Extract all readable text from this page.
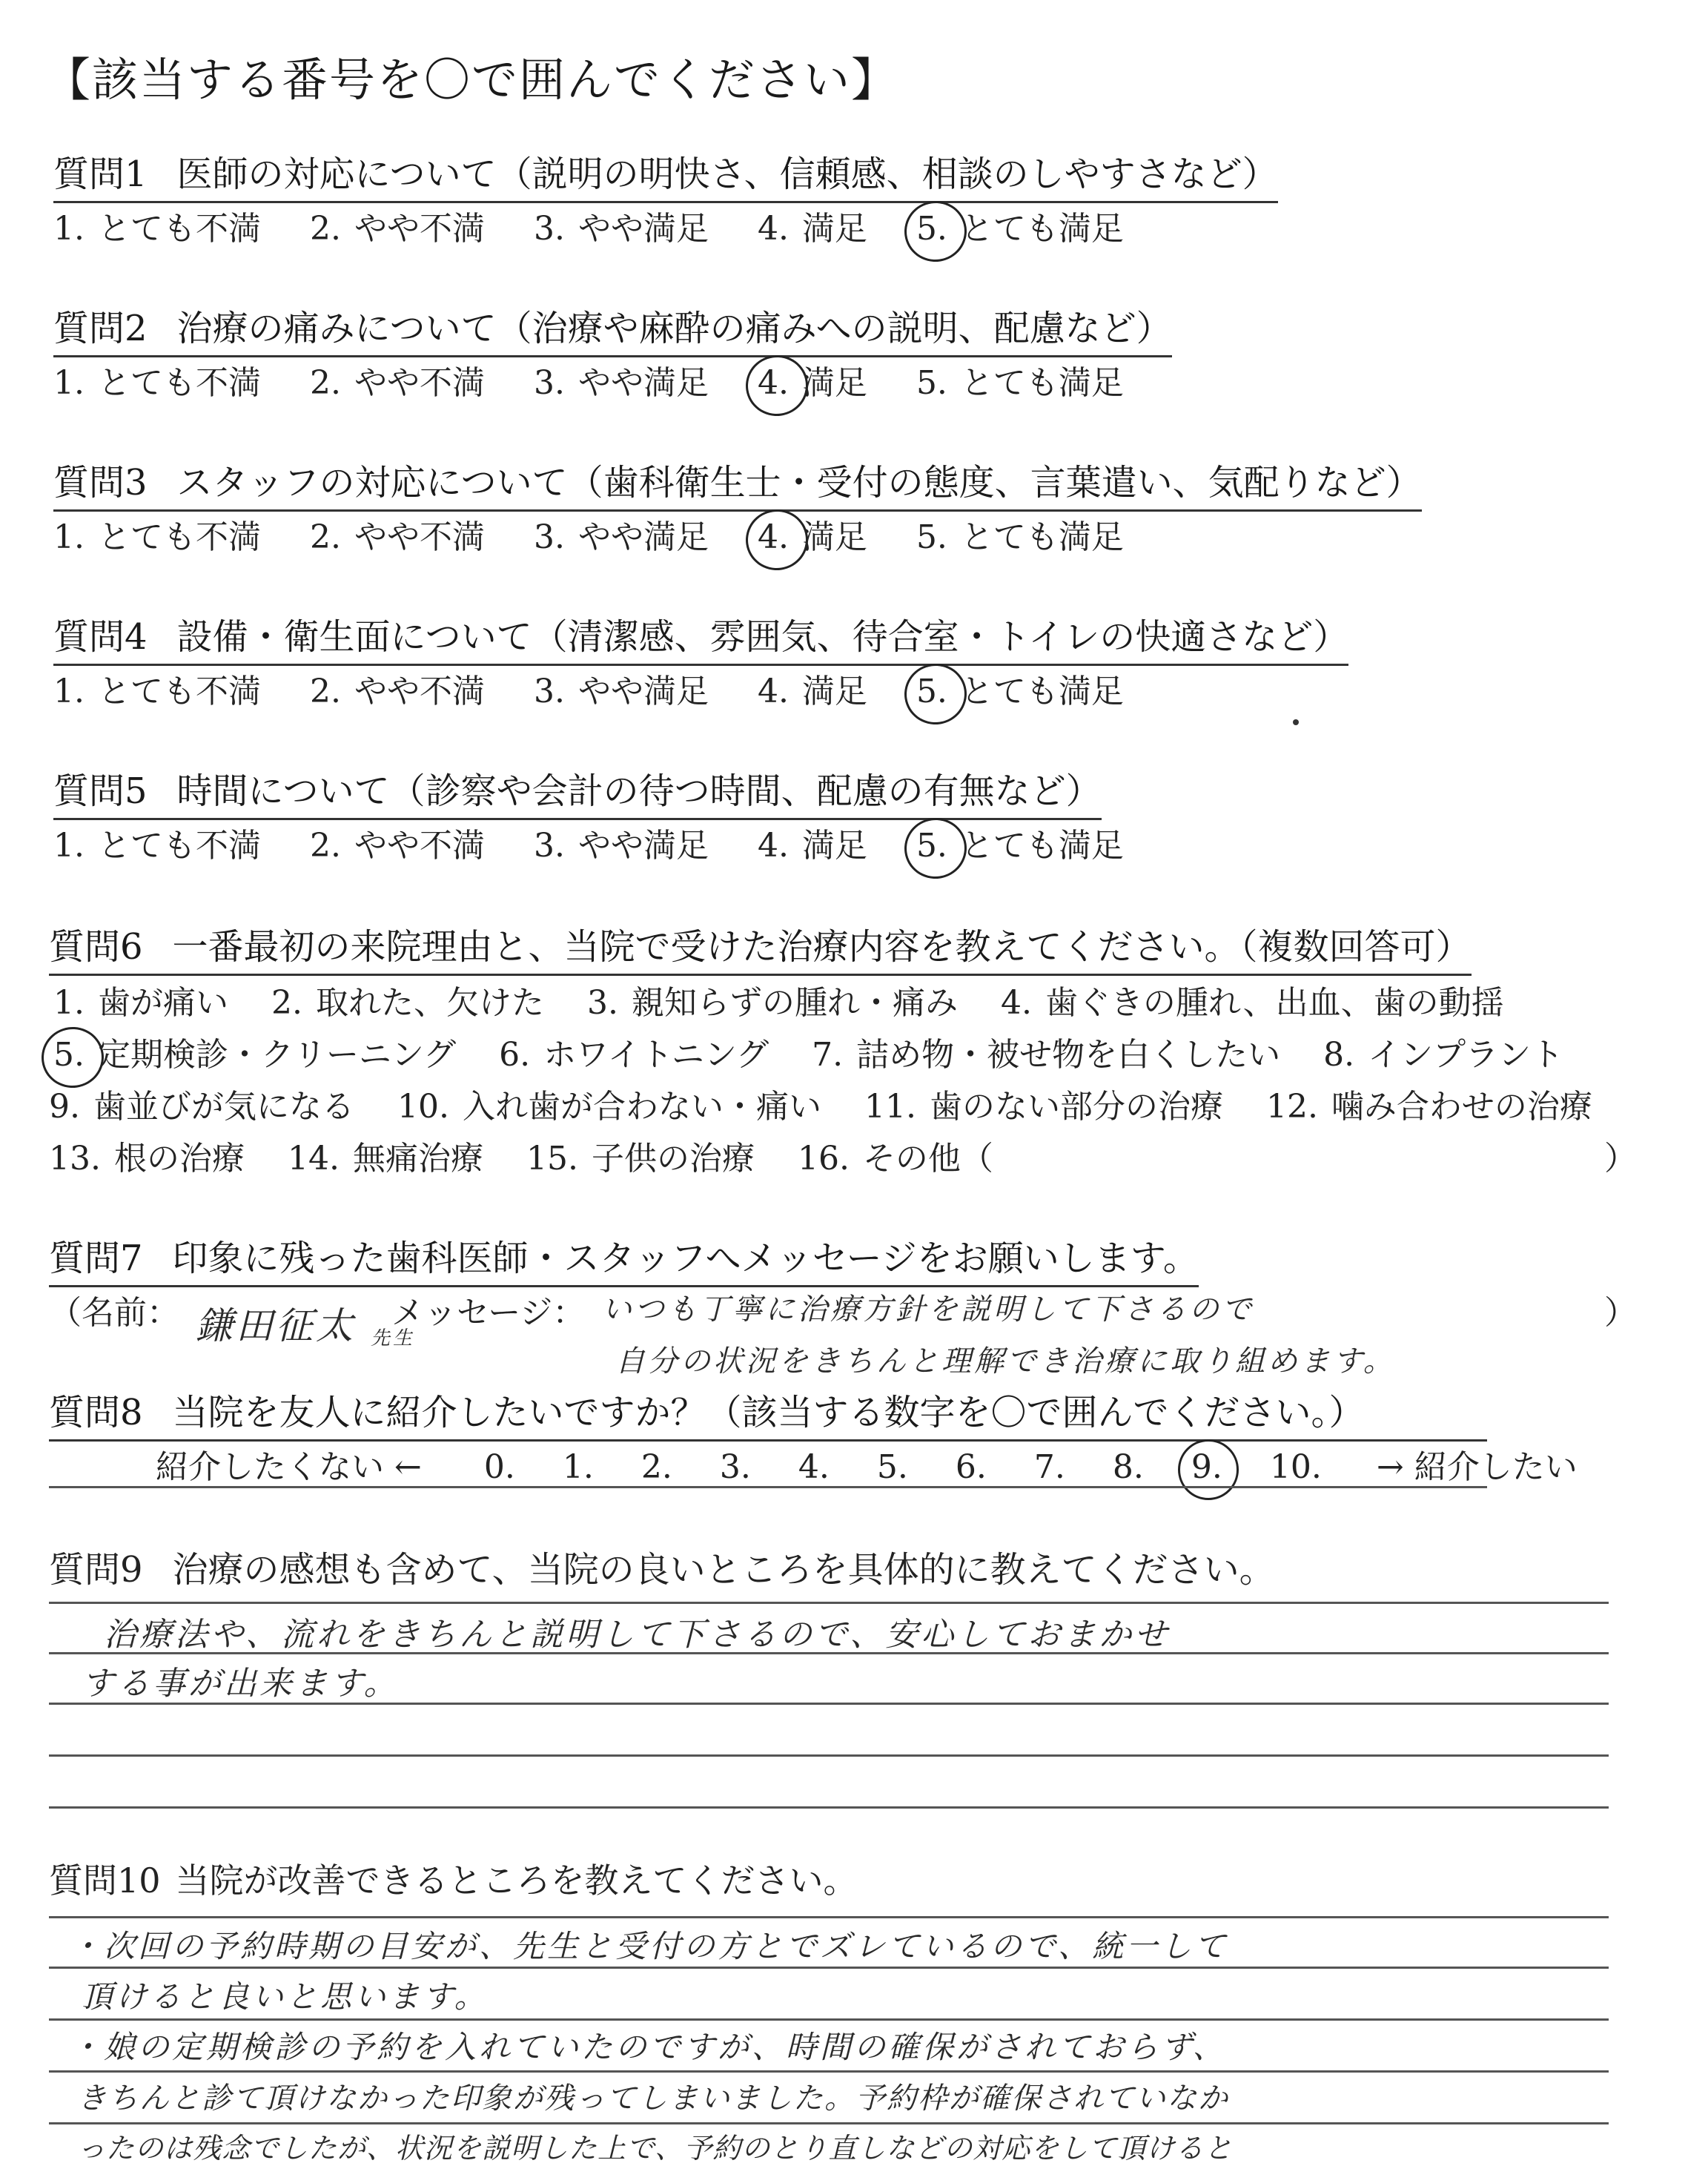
【該当する番号を〇で囲んでください】
質問1 医師の対応について（説明の明快さ、信頼感、相談のしやすさなど）
1. とても不満 2. やや不満 3. やや満足 4. 満足 5. とても満足
質問2 治療の痛みについて（治療や麻酔の痛みへの説明、配慮など）
1. とても不満 2. やや不満 3. やや満足 4. 満足 5. とても満足
質問3 スタッフの対応について（歯科衛生士・受付の態度、言葉遣い、気配りなど）
1. とても不満 2. やや不満 3. やや満足 4. 満足 5. とても満足
質問4 設備・衛生面について（清潔感、雰囲気、待合室・トイレの快適さなど）
1. とても不満 2. やや不満 3. やや満足 4. 満足 5. とても満足
質問5 時間について（診察や会計の待つ時間、配慮の有無など）
1. とても不満 2. やや不満 3. やや満足 4. 満足 5. とても満足
質問6 一番最初の来院理由と、当院で受けた治療内容を教えてください。（複数回答可）
1. 歯が痛い 2. 取れた、欠けた 3. 親知らずの腫れ・痛み 4. 歯ぐきの腫れ、出血、歯の動揺
5. 定期検診・クリーニング 6. ホワイトニング 7. 詰め物・被せ物を白くしたい 8. インプラント
9. 歯並びが気になる 10. 入れ歯が合わない・痛い 11. 歯のない部分の治療 12. 噛み合わせの治療
13. 根の治療 14. 無痛治療 15. 子供の治療 16. その他（	）
質問7 印象に残った歯科医師・スタッフへメッセージをお願いします。
（名前： 鎌田征太 先生
メッセージ： いつも丁寧に治療方針を説明して下さるので
自分の状況をきちんと理解でき治療に取り組めます。
）
質問8 当院を友人に紹介したいですか？（該当する数字を〇で囲んでください。）
紹介したくない ← 0. 1. 2. 3. 4. 5. 6. 7. 8. 9. 10. → 紹介したい
質問9 治療の感想も含めて、当院の良いところを具体的に教えてください。
治療法や、流れをきちんと説明して下さるので、安心しておまかせ
する事が出来ます。
質問10 当院が改善できるところを教えてください。
・次回の予約時期の目安が、先生と受付の方とでズレているので、統一して
頂けると良いと思います。
・娘の定期検診の予約を入れていたのですが、時間の確保がされておらず、
きちんと診て頂けなかった印象が残ってしまいました。予約枠が確保されていなか
ったのは残念でしたが、状況を説明した上で、予約のとり直しなどの対応をして頂けると
